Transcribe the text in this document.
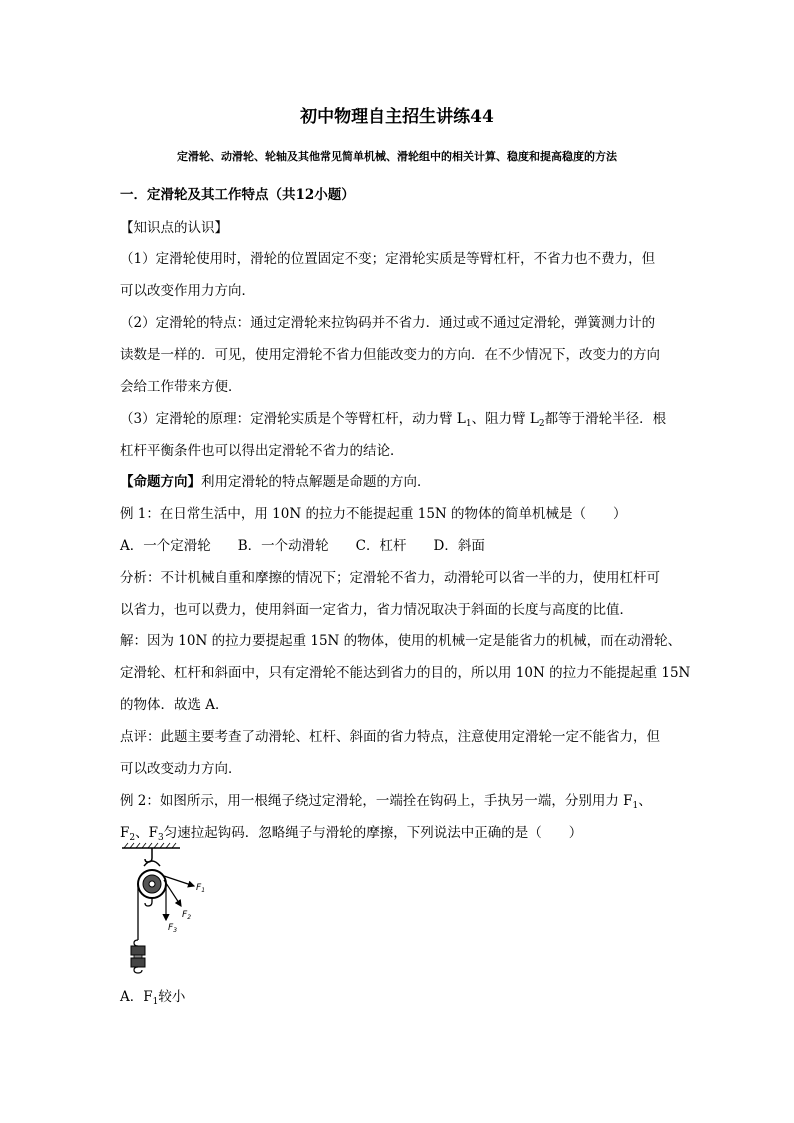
初中物理自主招生讲练44
定滑轮、动滑轮、轮轴及其他常见简单机械、滑轮组中的相关计算、稳度和提高稳度的方法

一．定滑轮及其工作特点（共12小题）

【知识点的认识】

（1）定滑轮使用时，滑轮的位置固定不变；定滑轮实质是等臂杠杆，不省力也不费力，但

可以改变作用力方向．

（2）定滑轮的特点：通过定滑轮来拉钩码并不省力．通过或不通过定滑轮，弹簧测力计的

读数是一样的．可见，使用定滑轮不省力但能改变力的方向．在不少情况下，改变力的方向

会给工作带来方便．

（3）定滑轮的原理：定滑轮实质是个等臂杠杆，动力臂 $L_1$、阻力臂 $L_2$都等于滑轮半径．根

杠杆平衡条件也可以得出定滑轮不省力的结论．

【命题方向】利用定滑轮的特点解题是命题的方向．

例 1：在日常生活中，用 10N 的拉力不能提起重 15N 的物体的简单机械是（　　）

A．一个定滑轮　　B．一个动滑轮　　C．杠杆　　D．斜面

分析：不计机械自重和摩擦的情况下；定滑轮不省力，动滑轮可以省一半的力，使用杠杆可

以省力，也可以费力，使用斜面一定省力，省力情况取决于斜面的长度与高度的比值．

解：因为 10N 的拉力要提起重 15N 的物体，使用的机械一定是能省力的机械，而在动滑轮、

定滑轮、杠杆和斜面中，只有定滑轮不能达到省力的目的，所以用 10N 的拉力不能提起重 15N

的物体．故选 A．

点评：此题主要考查了动滑轮、杠杆、斜面的省力特点，注意使用定滑轮一定不能省力，但

可以改变动力方向．

例 2：如图所示，用一根绳子绕过定滑轮，一端拴在钩码上，手执另一端，分别用力 $F_1$、

$F_2$、$F_3$匀速拉起钩码．忽略绳子与滑轮的摩擦，下列说法中正确的是（　　）

$F_1$
$F_2$
$F_3$

A．$F_1$较小
